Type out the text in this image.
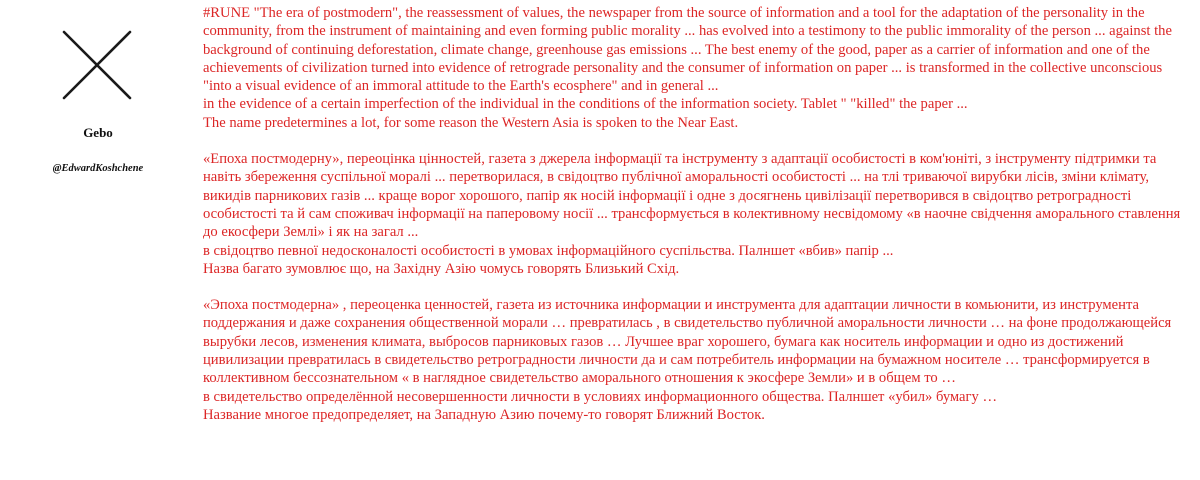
Gebo
@EdwardKoshchene

#RUNE "The era of postmodern", the reassessment of values, the newspaper from the source of information and a tool for the adaptation of the personality in the community, from the instrument of maintaining and even forming public morality ... has evolved into a testimony to the public immorality of the person ... against the background of continuing deforestation, climate change, greenhouse gas emissions ... The best enemy of the good, paper as a carrier of information and one of the achievements of civilization turned into evidence of retrograde personality and the consumer of information on paper ... is transformed in the collective unconscious "into a visual evidence of an immoral attitude to the Earth's ecosphere" and in general ...

in the evidence of a certain imperfection of the individual in the conditions of the information society. Tablet " "killed" the paper ...

The name predetermines a lot, for some reason the Western Asia is spoken to the Near East.

«Епоха постмодерну», переоцінка цінностей, газета з джерела інформації та інструменту з адаптації особистості в ком'юніті, з інструменту підтримки та навіть збереження суспільної моралі ... перетворилася, в свідоцтво публічної аморальності особистості ... на тлі триваючої вирубки лісів, зміни клімату, викидів парникових газів ... краще ворог хорошого, папір як носій інформації і одне з досягнень цивілізації перетворився в свідоцтво ретроградності особистості та й сам споживач інформації на паперовому носії ... трансформується в колективному несвідомому «в наочне свідчення аморального ставлення до екосфери Землі» і як на загал ...

в свідоцтво певної недосконалості особистості в умовах інформаційного суспільства. Палншет «вбив» папір ...

Назва багато зумовлює що, на Західну Азію чомусь говорять Близький Схід.

«Эпоха постмодерна» , переоценка ценностей, газета из источника информации и инструмента для адаптации личности в комьюнити, из инструмента поддержания и даже сохранения общественной морали … превратилась , в свидетельство публичной аморальности личности … на фоне продолжающейся вырубки лесов, изменения климата, выбросов парниковых газов … Лучшее враг хорошего, бумага как носитель информации и одно из достижений цивилизации превратилась в свидетельство ретроградности личности да и сам потребитель информации на бумажном носителе … трансформируется в коллективном бессознательном « в наглядное свидетельство аморального отношения к экосфере Земли» и в общем то …

в свидетельство определённой несовершенности личности в условиях информационного общества. Палншет «убил» бумагу …

Название многое предопределяет, на Западную Азию почему-то говорят Ближний Восток.
